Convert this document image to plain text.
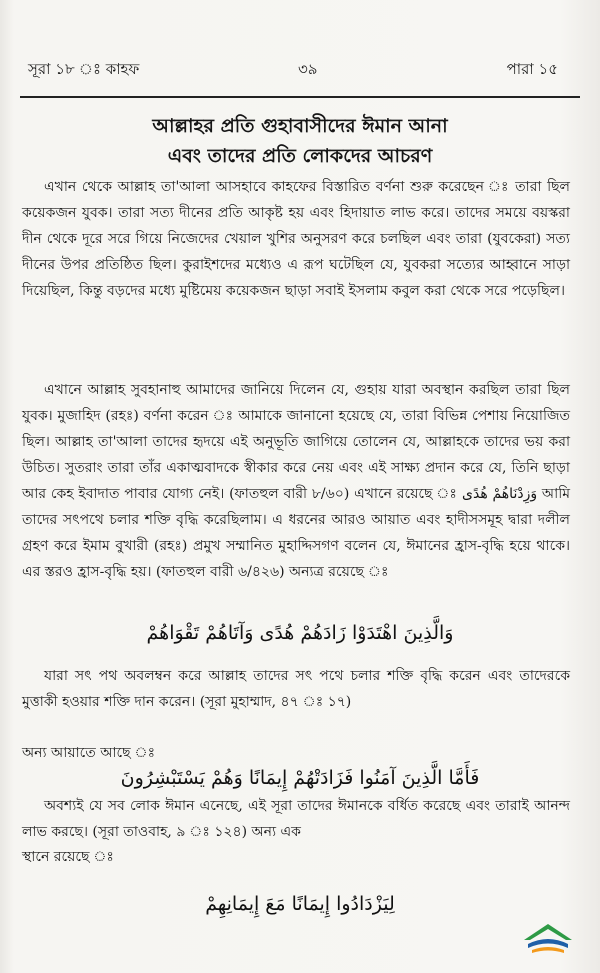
সূরা ১৮ ঃ কাহফ	৩৯	পারা ১৫
আল্লাহর প্রতি গুহাবাসীদের ঈমান আনা
এবং তাদের প্রতি লোকদের আচরণ
এখান থেকে আল্লাহ তা'আলা আসহাবে কাহফের বিস্তারিত বর্ণনা শুরু করেছেন ঃ তারা ছিল কয়েকজন যুবক। তারা সত্য দীনের প্রতি আকৃষ্ট হয় এবং হিদায়াত লাভ করে। তাদের সময়ে বয়স্করা দীন থেকে দূরে সরে গিয়ে নিজেদের খেয়াল খুশির অনুসরণ করে চলছিল এবং তারা (যুবকেরা) সত্য দীনের উপর প্রতিষ্ঠিত ছিল। কুরাইশদের মধ্যেও এ রূপ ঘটেছিল যে, যুবকরা সত্যের আহ্বানে সাড়া দিয়েছিল, কিন্তু বড়দের মধ্যে মুষ্টিমেয় কয়েকজন ছাড়া সবাই ইসলাম কবুল করা থেকে সরে পড়েছিল।
এখানে আল্লাহ সুবহানাহু আমাদের জানিয়ে দিলেন যে, গুহায় যারা অবস্থান করছিল তারা ছিল যুবক। মুজাহিদ (রহঃ) বর্ণনা করেন ঃ আমাকে জানানো হয়েছে যে, তারা বিভিন্ন পেশায় নিয়োজিত ছিল। আল্লাহ তা'আলা তাদের হৃদয়ে এই অনুভূতি জাগিয়ে তোলেন যে, আল্লাহকে তাদের ভয় করা উচিত। সুতরাং তারা তাঁর একাত্মবাদকে স্বীকার করে নেয় এবং এই সাক্ষ্য প্রদান করে যে, তিনি ছাড়া আর কেহ ইবাদাত পাবার যোগ্য নেই। (ফাতহুল বারী ৮/৬০) এখানে রয়েছে ঃ وَزِدْنَاهُمْ هُدًى আমি তাদের সৎপথে চলার শক্তি বৃদ্ধি করেছিলাম। এ ধরনের আরও আয়াত এবং হাদীসসমূহ দ্বারা দলীল গ্রহণ করে ইমাম বুখারী (রহঃ) প্রমুখ সম্মানিত মুহাদ্দিসগণ বলেন যে, ঈমানের হ্রাস-বৃদ্ধি হয়ে থাকে। এর স্তরও হ্রাস-বৃদ্ধি হয়। (ফাতহুল বারী ৬/৪২৬) অন্যত্র রয়েছে ঃ
وَالَّذِينَ اهْتَدَوْا زَادَهُمْ هُدًى وَآتَاهُمْ تَقْوَاهُمْ
যারা সৎ পথ অবলম্বন করে আল্লাহ তাদের সৎ পথে চলার শক্তি বৃদ্ধি করেন এবং তাদেরকে মুত্তাকী হওয়ার শক্তি দান করেন। (সূরা মুহাম্মাদ, ৪৭ ঃ ১৭)
অন্য আয়াতে আছে ঃ
فَأَمَّا الَّذِينَ آمَنُوا فَزَادَتْهُمْ إِيمَانًا وَهُمْ يَسْتَبْشِرُونَ
অবশ্যই যে সব লোক ঈমান এনেছে, এই সূরা তাদের ঈমানকে বর্ধিত করেছে এবং তারাই আনন্দ লাভ করছে। (সূরা তাওবাহ, ৯ ঃ ১২৪) অন্য এক
স্থানে রয়েছে ঃ
لِيَزْدَادُوا إِيمَانًا مَعَ إِيمَانِهِمْ
